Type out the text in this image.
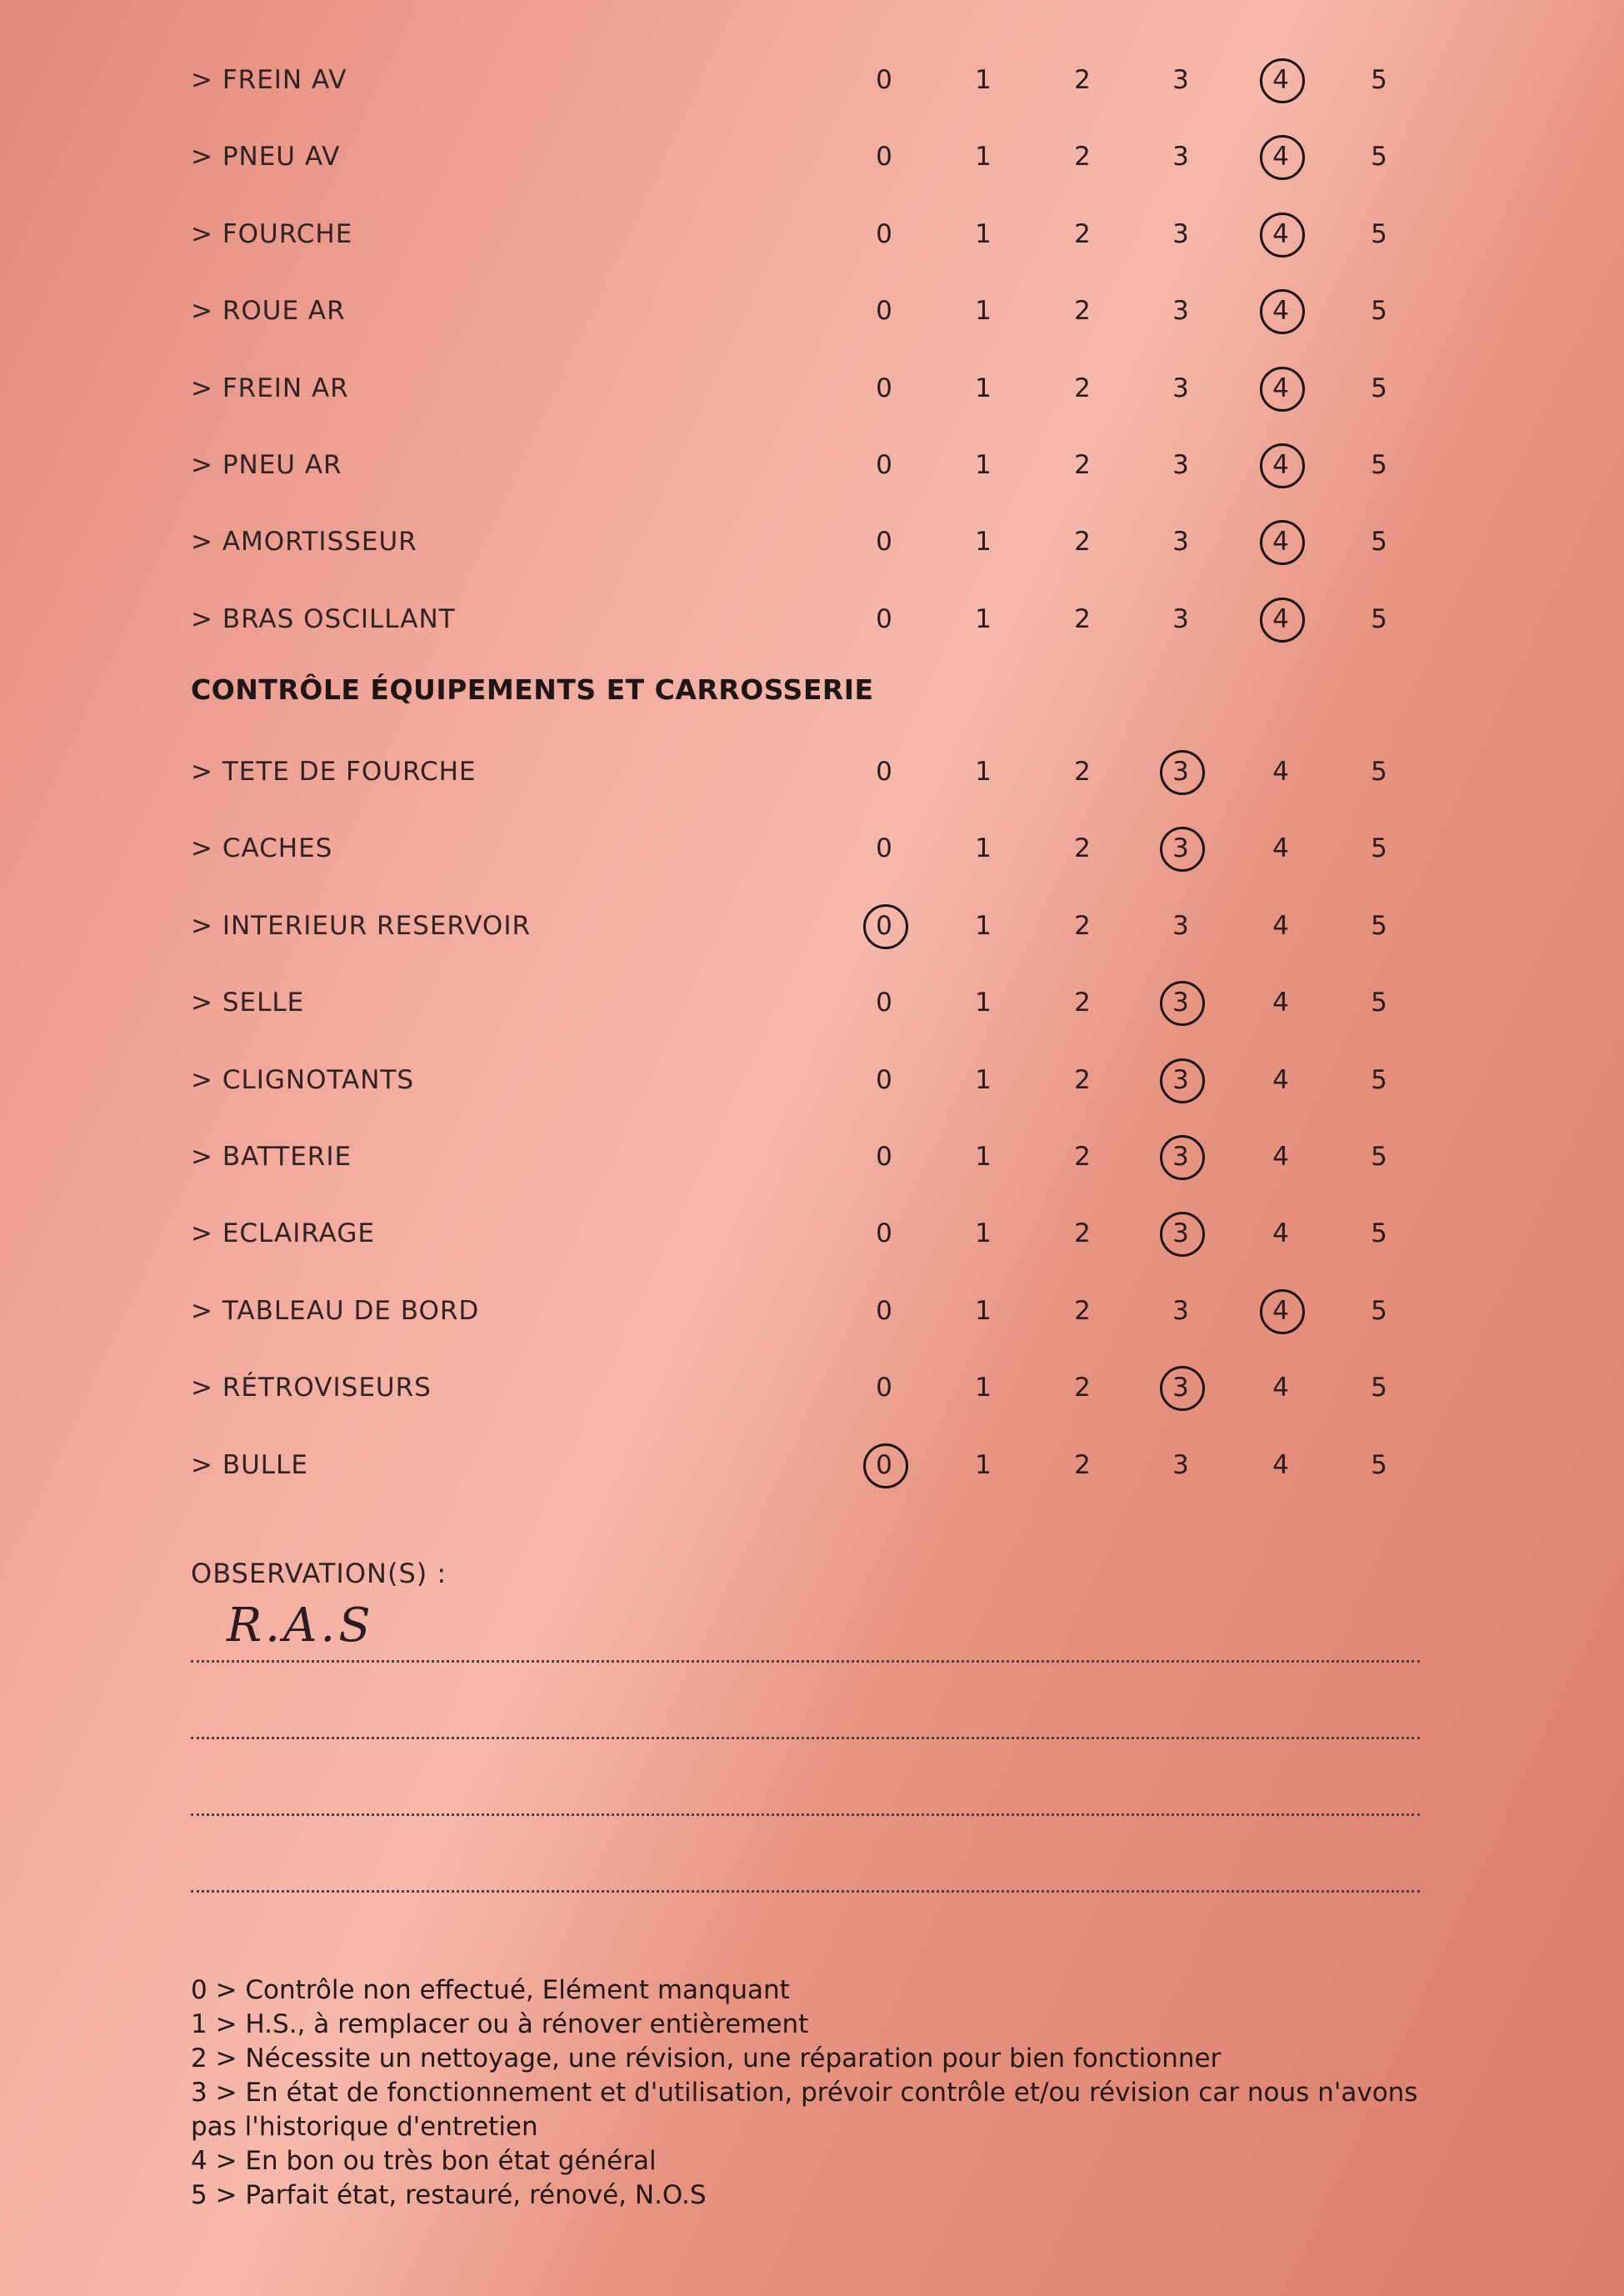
> FREIN AV	0	1	2	3	4	5
> PNEU AV	0	1	2	3	4	5
> FOURCHE	0	1	2	3	4	5
> ROUE AR	0	1	2	3	4	5
> FREIN AR	0	1	2	3	4	5
> PNEU AR	0	1	2	3	4	5
> AMORTISSEUR	0	1	2	3	4	5
> BRAS OSCILLANT	0	1	2	3	4	5
CONTRÔLE ÉQUIPEMENTS ET CARROSSERIE
> TETE DE FOURCHE	0	1	2	3	4	5
> CACHES	0	1	2	3	4	5
> INTERIEUR RESERVOIR	0	1	2	3	4	5
> SELLE	0	1	2	3	4	5
> CLIGNOTANTS	0	1	2	3	4	5
> BATTERIE	0	1	2	3	4	5
> ECLAIRAGE	0	1	2	3	4	5
> TABLEAU DE BORD	0	1	2	3	4	5
> RÉTROVISEURS	0	1	2	3	4	5
> BULLE	0	1	2	3	4	5
OBSERVATION(S) :
R.A.S
0 > Contrôle non effectué, Elément manquant
1 > H.S., à remplacer ou à rénover entièrement
2 > Nécessite un nettoyage, une révision, une réparation pour bien fonctionner
3 > En état de fonctionnement et d'utilisation, prévoir contrôle et/ou révision car nous n'avons pas l'historique d'entretien
4 > En bon ou très bon état général
5 > Parfait état, restauré, rénové, N.O.S
